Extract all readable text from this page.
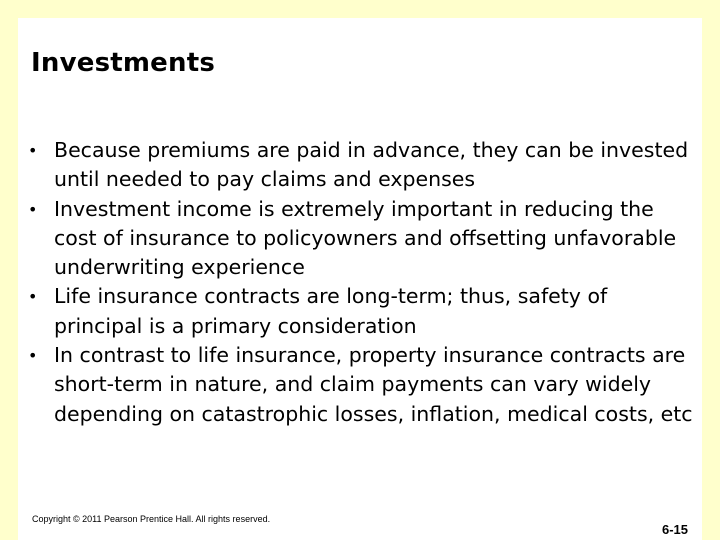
Investments
• Because premiums are paid in advance, they can be invested until needed to pay claims and expenses
• Investment income is extremely important in reducing the cost of insurance to policyowners and offsetting unfavorable underwriting experience
• Life insurance contracts are long-term; thus, safety of principal is a primary consideration
• In contrast to life insurance, property insurance contracts are short-term in nature, and claim payments can vary widely depending on catastrophic losses, inflation, medical costs, etc
Copyright © 2011 Pearson Prentice Hall. All rights reserved.
6-15
